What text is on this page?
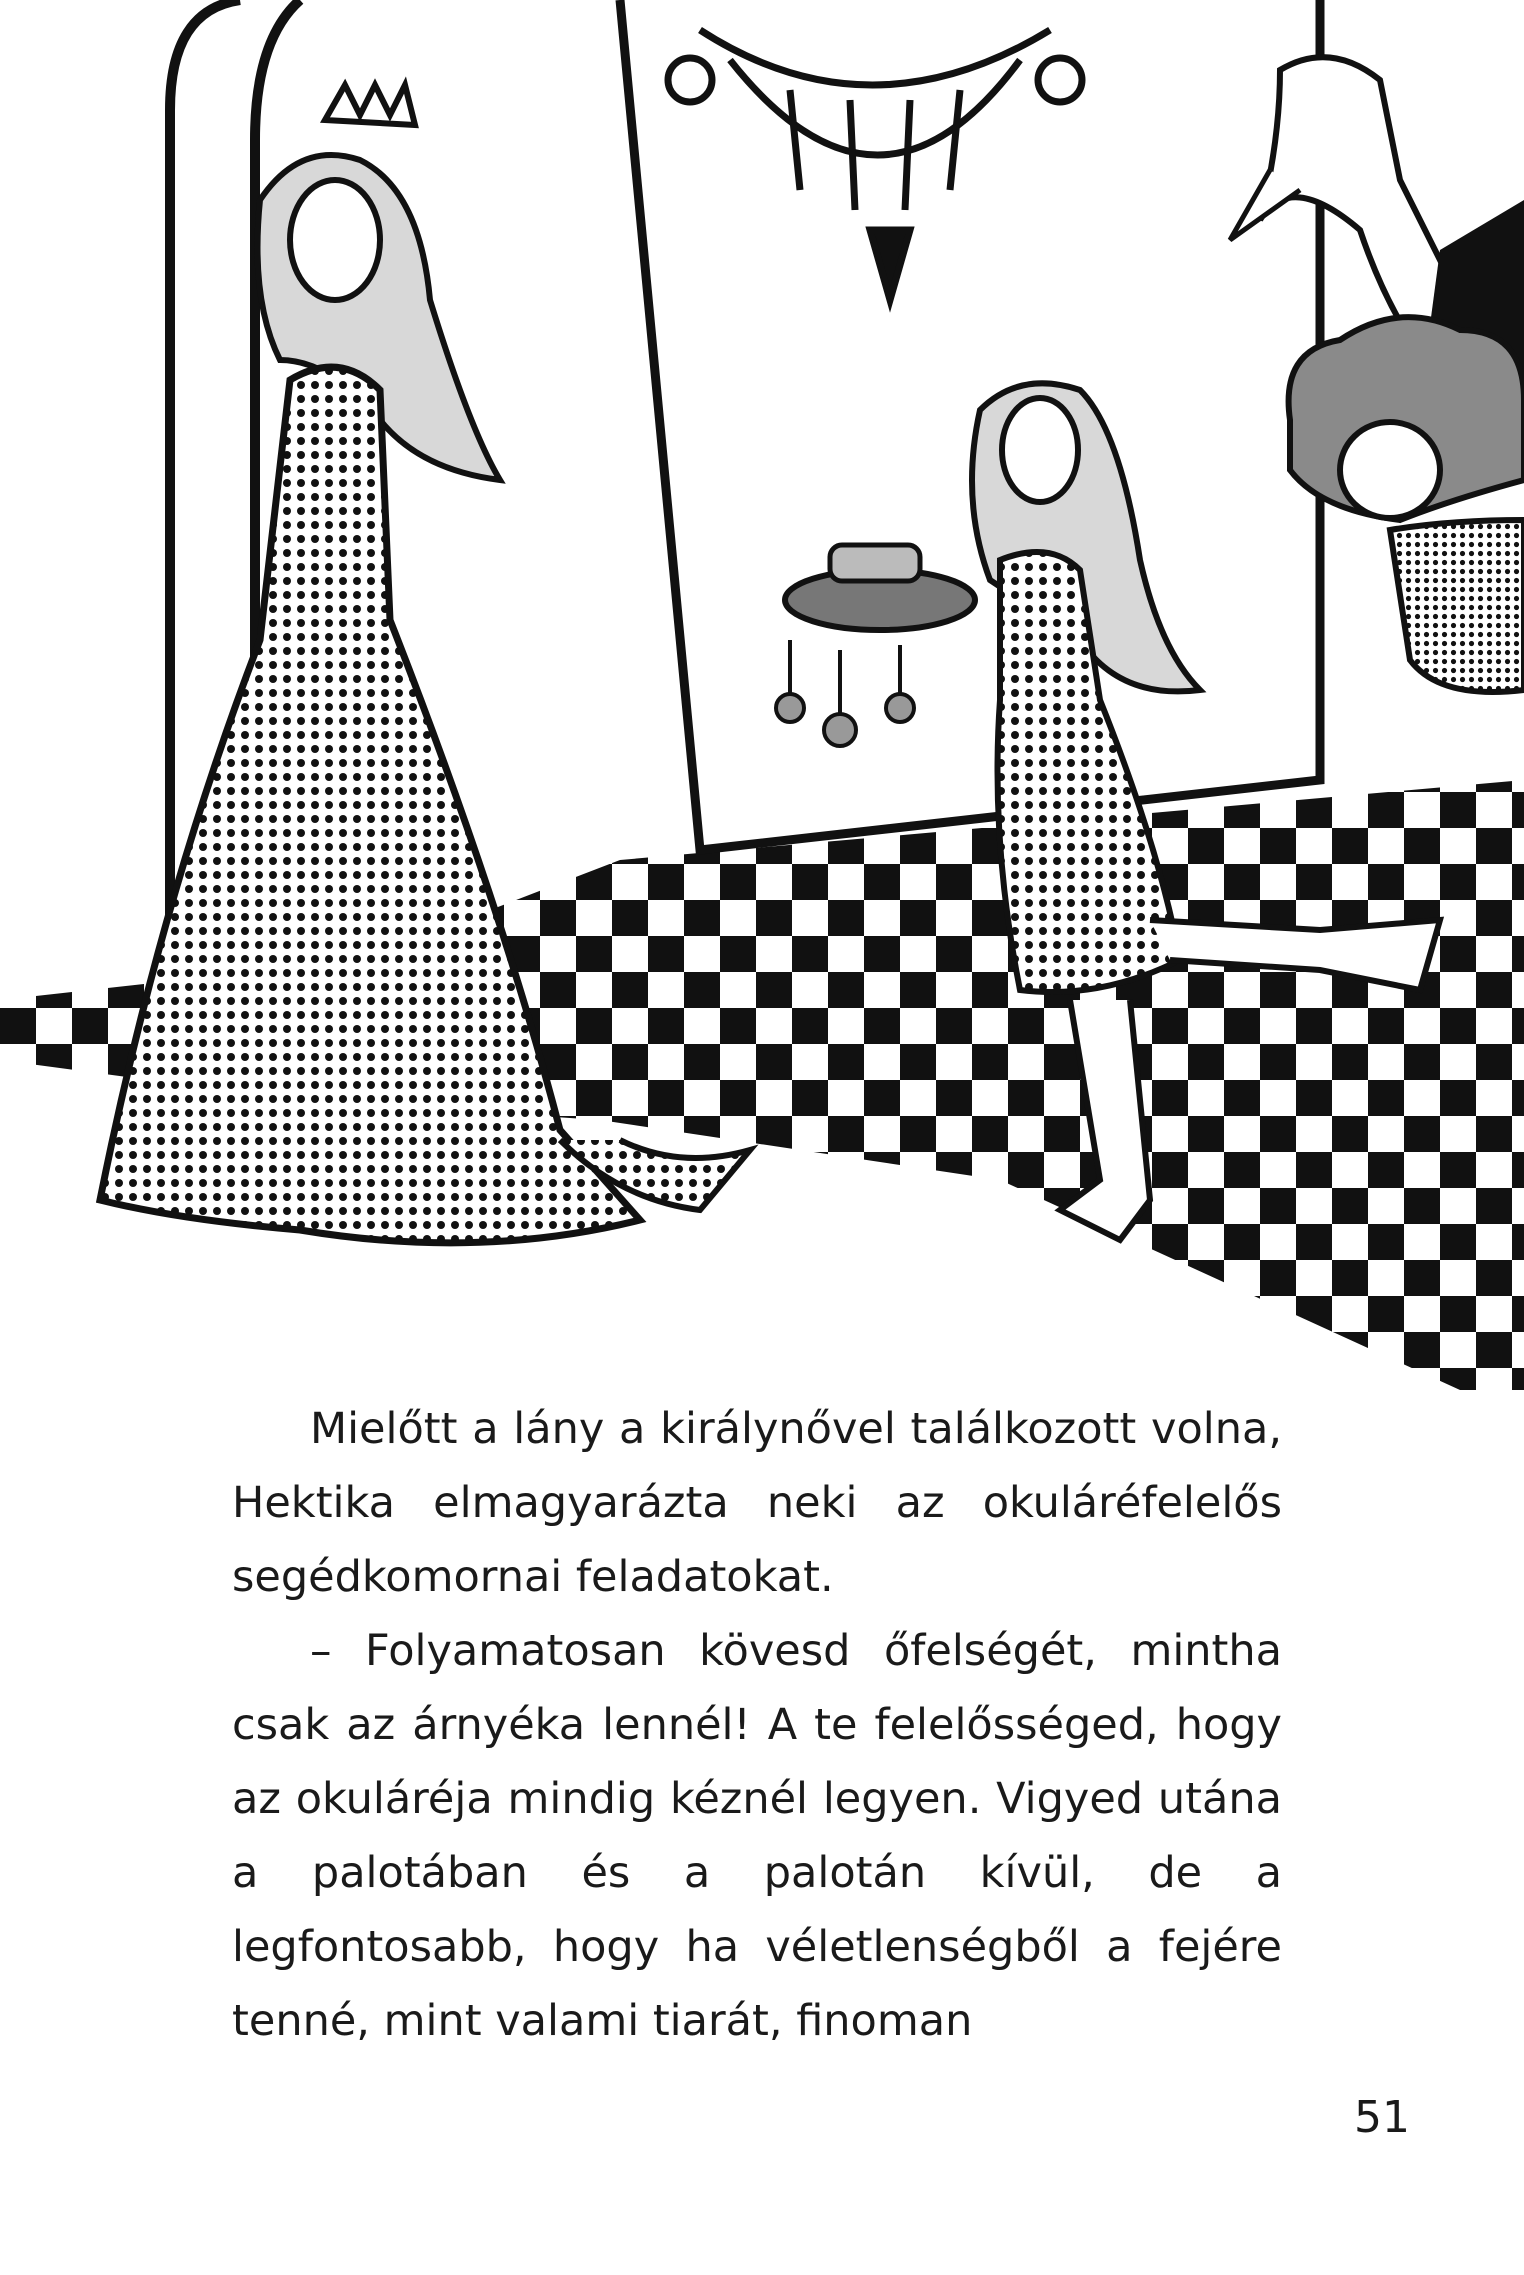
Mielőtt a lány a királynővel találkozott volna, Hektika elmagyarázta neki az okuláréfelelős segédkomornai feladatokat.

– Folyamatosan kövesd őfelségét, mintha csak az árnyéka lennél! A te felelősséged, hogy az okuláréja mindig kéznél legyen. Vigyed utána a palotában és a palotán kívül, de a legfontosabb, hogy ha véletlenségből a fejére tenné, mint valami tiarát, finoman

51
